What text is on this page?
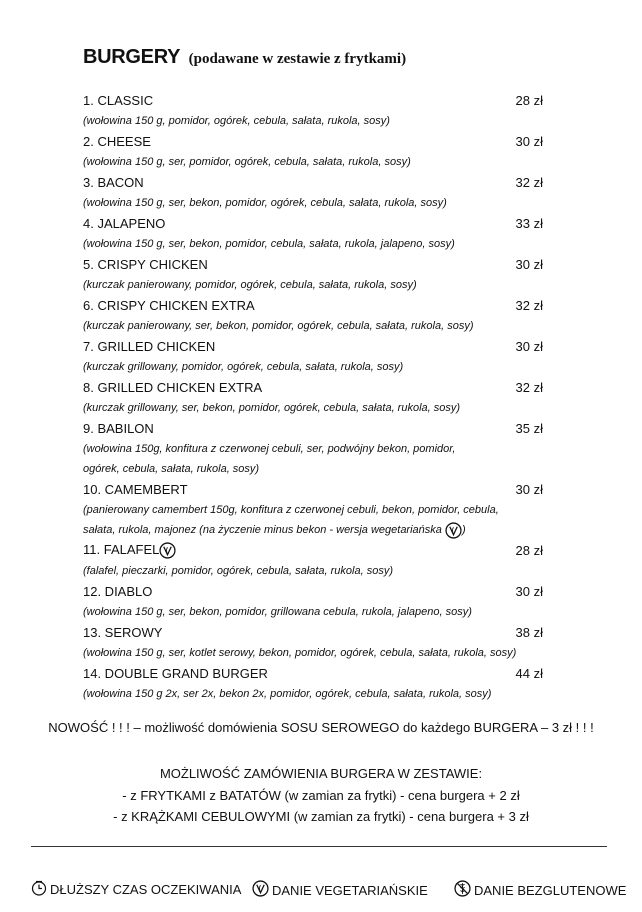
BURGERY (podawane w zestawie z frytkami)
1. CLASSIC	28 zł
(wołowina 150 g, pomidor, ogórek, cebula, sałata, rukola, sosy)
2. CHEESE	30 zł
(wołowina 150 g, ser, pomidor, ogórek, cebula, sałata, rukola, sosy)
3. BACON	32 zł
(wołowina 150 g, ser, bekon, pomidor, ogórek, cebula, sałata, rukola, sosy)
4. JALAPENO	33 zł
(wołowina 150 g, ser, bekon, pomidor, cebula, sałata, rukola, jalapeno, sosy)
5. CRISPY CHICKEN	30 zł
(kurczak panierowany, pomidor, ogórek, cebula, sałata, rukola, sosy)
6. CRISPY CHICKEN EXTRA	32 zł
(kurczak panierowany, ser, bekon, pomidor, ogórek, cebula, sałata, rukola, sosy)
7. GRILLED CHICKEN	30 zł
(kurczak grillowany, pomidor, ogórek, cebula, sałata, rukola, sosy)
8. GRILLED CHICKEN EXTRA	32 zł
(kurczak grillowany, ser, bekon, pomidor, ogórek, cebula, sałata, rukola, sosy)
9. BABILON	35 zł
(wołowina 150g, konfitura z czerwonej cebuli, ser, podwójny bekon, pomidor,
ogórek, cebula, sałata, rukola, sosy)
10. CAMEMBERT	30 zł
(panierowany camembert 150g, konfitura z czerwonej cebuli, bekon, pomidor, cebula,
sałata, rukola, majonez (na życzenie minus bekon - wersja wegetariańska
)
11. FALAFEL	28 zł
(falafel, pieczarki, pomidor, ogórek, cebula, sałata, rukola, sosy)
12. DIABLO	30 zł
(wołowina 150 g, ser, bekon, pomidor, grillowana cebula, rukola, jalapeno, sosy)
13. SEROWY	38 zł
(wołowina 150 g, ser, kotlet serowy, bekon, pomidor, ogórek, cebula, sałata, rukola, sosy)
14. DOUBLE GRAND BURGER	44 zł
(wołowina 150 g 2x, ser 2x, bekon 2x, pomidor, ogórek, cebula, sałata, rukola, sosy)
NOWOŚĆ ! ! ! – możliwość domówienia SOSU SEROWEGO do każdego BURGERA – 3 zł ! ! !
MOŻLIWOŚĆ ZAMÓWIENIA BURGERA W ZESTAWIE:
- z FRYTKAMI z BATATÓW (w zamian za frytki) - cena burgera + 2 zł
- z KRĄŻKAMI CEBULOWYMI (w zamian za frytki) - cena burgera + 3 zł
DŁUŻSZY CZAS OCZEKIWANIA DANIE VEGETARIAŃSKIE	DANIE BEZGLUTENOWE
